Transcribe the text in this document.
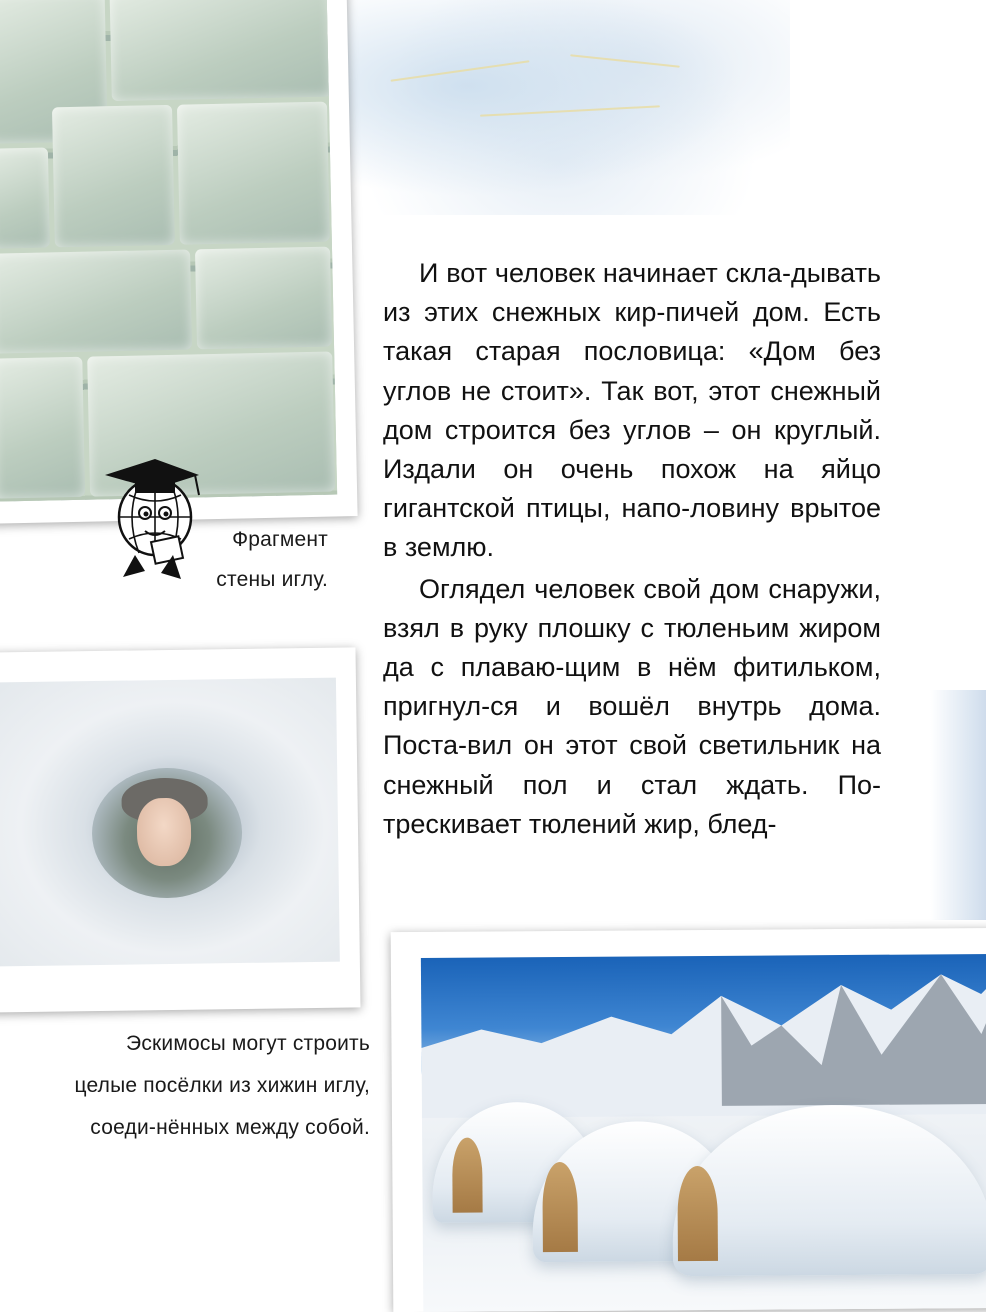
Фрагмент стены иглу.
Эскимосы могут строить целые посёлки из хижин иглу, соеди-нённых между собой.

И вот человек начинает скла-дывать из этих снежных кир-пичей дом. Есть такая старая пословица: «Дом без углов не стоит». Так вот, этот снежный дом строится без углов – он круглый. Издали он очень похож на яйцо гигантской птицы, напо-ловину врытое в землю.

Оглядел человек свой дом снаружи, взял в руку плошку с тюленьим жиром да с плаваю-щим в нём фитильком, пригнул-ся и вошёл внутрь дома. Поста-вил он этот свой светильник на снежный пол и стал ждать. По-трескивает тюлений жир, блед-
